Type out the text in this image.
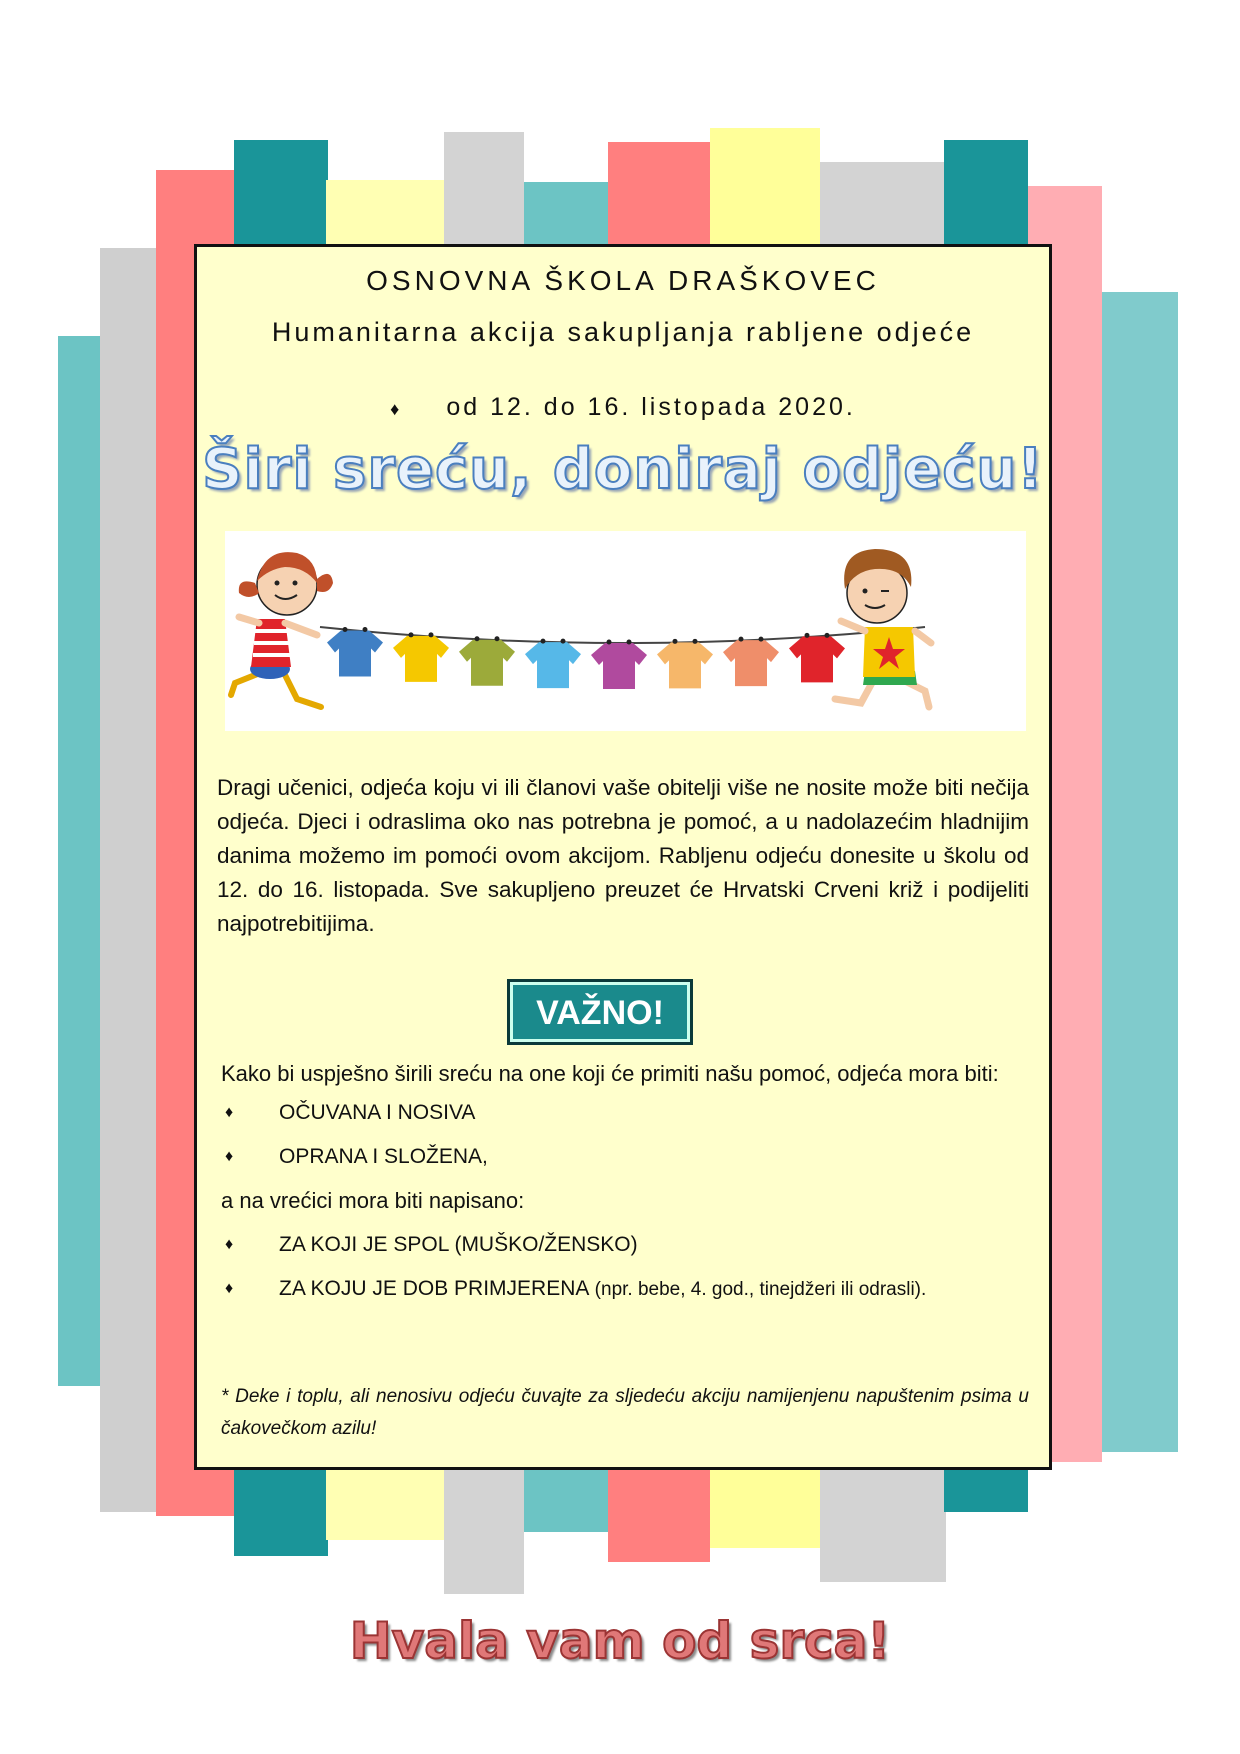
OSNOVNA ŠKOLA DRAŠKOVEC
Humanitarna akcija sakupljanja rabljene odjeće
♦ od 12. do 16. listopada 2020.
Širi sreću, doniraj odjeću!
Dragi učenici, odjeća koju vi ili članovi vaše obitelji više ne nosite može biti nečija odjeća. Djeci i odraslima oko nas potrebna je pomoć, a u nadolazećim hladnijim danima možemo im pomoći ovom akcijom. Rabljenu odjeću donesite u školu od 12. do 16. listopada. Sve sakupljeno preuzet će Hrvatski Crveni križ i podijeliti najpotrebitijima.
VAŽNO!

Kako bi uspješno širili sreću na one koji će primiti našu pomoć, odjeća mora biti:

♦ OČUVANA I NOSIVA
♦ OPRANA I SLOŽENA,
a na vrećici mora biti napisano:
♦ ZA KOJI JE SPOL (MUŠKO/ŽENSKO)
♦ ZA KOJU JE DOB PRIMJERENA (npr. bebe, 4. god., tinejdžeri ili odrasli).
* Deke i toplu, ali nenosivu odjeću čuvajte za sljedeću akciju namijenjenu napuštenim psima u čakovečkom azilu!
Hvala vam od srca!
